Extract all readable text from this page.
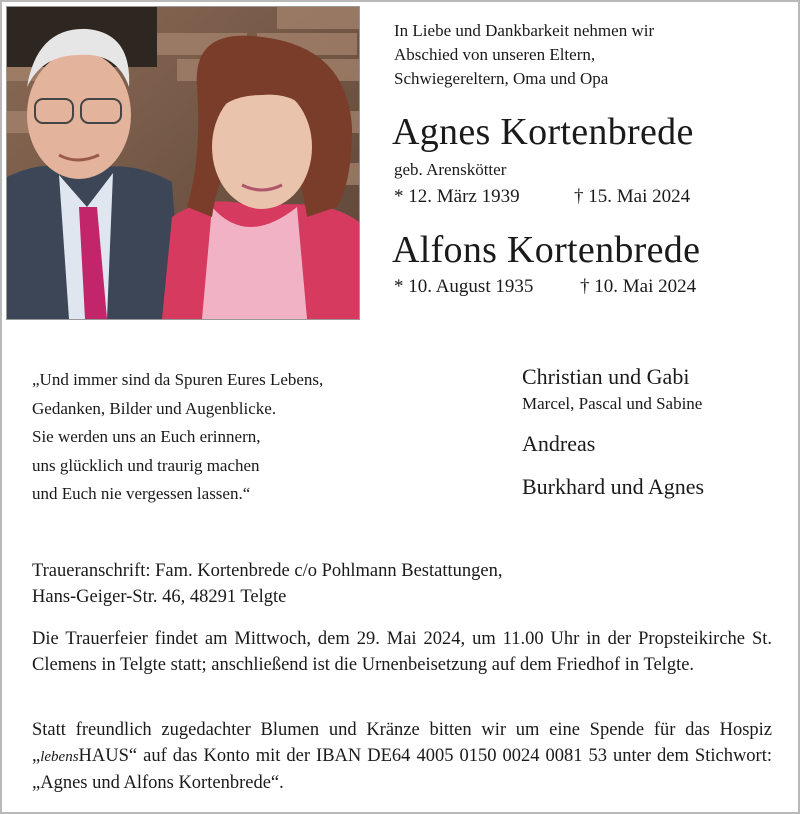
In Liebe und Dankbarkeit nehmen wir
Abschied von unseren Eltern,
Schwiegereltern, Oma und Opa
Agnes Kortenbrede
geb. Arenskötter
* 12. März 1939	† 15. Mai 2024
Alfons Kortenbrede
* 10. August 1935 † 10. Mai 2024
„Und immer sind da Spuren Eures Lebens,
Gedanken, Bilder und Augenblicke.
Sie werden uns an Euch erinnern,
uns glücklich und traurig machen
und Euch nie vergessen lassen.“
Christian und Gabi
Marcel, Pascal und Sabine
Andreas
Burkhard und Agnes
Traueranschrift: Fam. Kortenbrede c/o Pohlmann Bestattungen,
Hans-Geiger-Str. 46, 48291 Telgte
Die Trauerfeier findet am Mittwoch, dem 29. Mai 2024, um 11.00 Uhr in der Propsteikirche St. Clemens in Telgte statt; anschließend ist die Urnenbeisetzung auf dem Friedhof in Telgte.
Statt freundlich zugedachter Blumen und Kränze bitten wir um eine Spende für das Hospiz „lebensHAUS“ auf das Konto mit der IBAN DE64 4005 0150 0024 0081 53 unter dem Stichwort: „Agnes und Alfons Kortenbrede“.
